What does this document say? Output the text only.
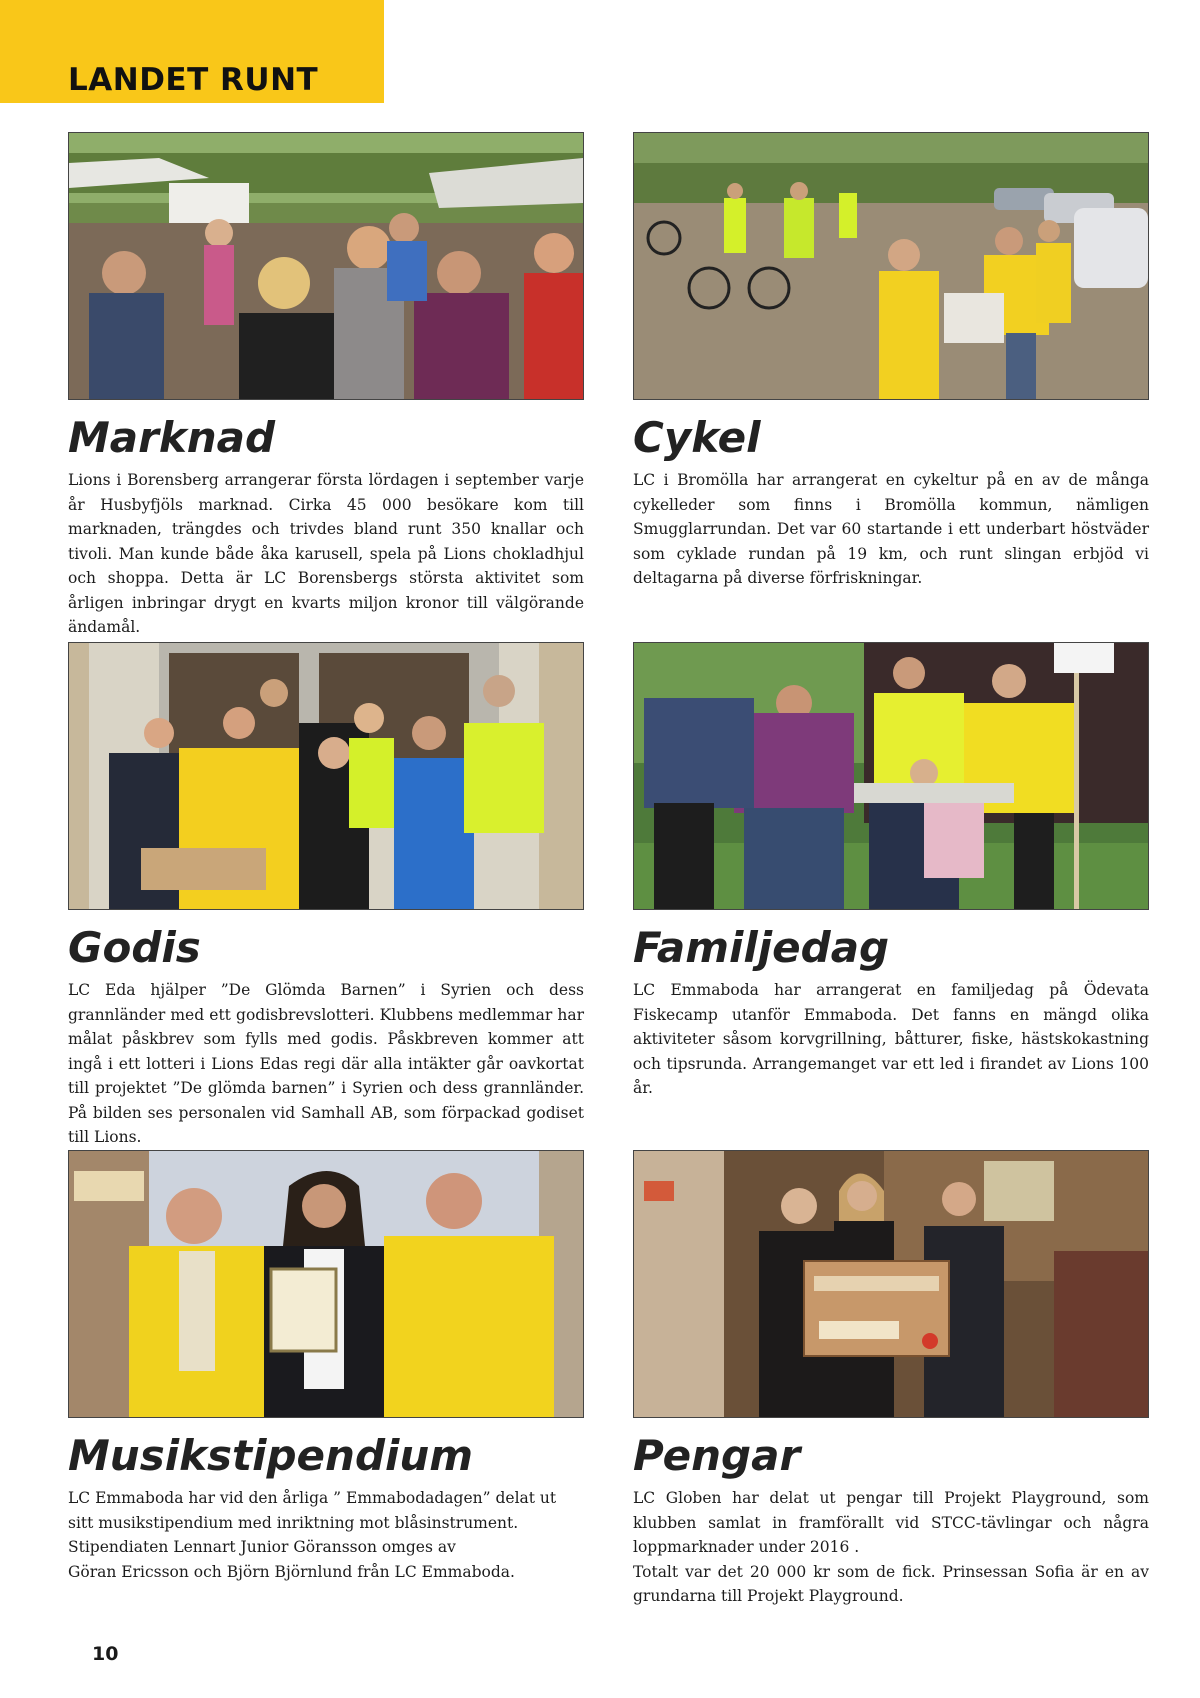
LANDET RUNT
Marknad

Lions i Borensberg arrangerar första lördagen i september varje år Husbyfjöls marknad. Cirka 45 000 besökare kom till marknaden, trängdes och trivdes bland runt 350 knallar och tivoli. Man kunde både åka karusell, spela på Lions chokladhjul och shoppa. Detta är LC Borensbergs största aktivitet som årligen inbringar drygt en kvarts miljon kronor till välgörande ändamål.

Cykel

LC i Bromölla har arrangerat en cykeltur på en av de många cykelleder som finns i Bromölla kommun, nämligen Smugglarrundan. Det var 60 startande i ett underbart höstväder som cyklade rundan på 19 km, och runt slingan erbjöd vi deltagarna på diverse förfriskningar.

Godis

LC Eda hjälper ”De Glömda Barnen” i Syrien och dess grannländer med ett godisbrevslotteri. Klubbens medlemmar har målat påskbrev som fylls med godis. Påskbreven kommer att ingå i ett lotteri i Lions Edas regi där alla intäkter går oavkortat till projektet ”De glömda barnen” i Syrien och dess grannländer. På bilden ses personalen vid Samhall AB, som förpackad godiset till Lions.

Familjedag

LC Emmaboda har arrangerat en familjedag på Ödevata Fiskecamp utanför Emmaboda. Det fanns en mängd olika aktiviteter såsom korvgrillning, båtturer, fiske, hästskokastning och tipsrunda. Arrangemanget var ett led i firandet av Lions 100 år.

Musikstipendium

LC Emmaboda har vid den årliga ” Emmabodadagen” delat ut sitt musikstipendium med inriktning mot blåsinstrument.
Stipendiaten Lennart Junior Göransson omges av
Göran Ericsson och Björn Björnlund från LC Emmaboda.

Pengar

LC Globen har delat ut pengar till Projekt Playground, som klubben samlat in framförallt vid STCC-tävlingar och några loppmarknader under 2016 .
Totalt var det 20 000 kr som de fick. Prinsessan Sofia är en av grundarna till Projekt Playground.

10
